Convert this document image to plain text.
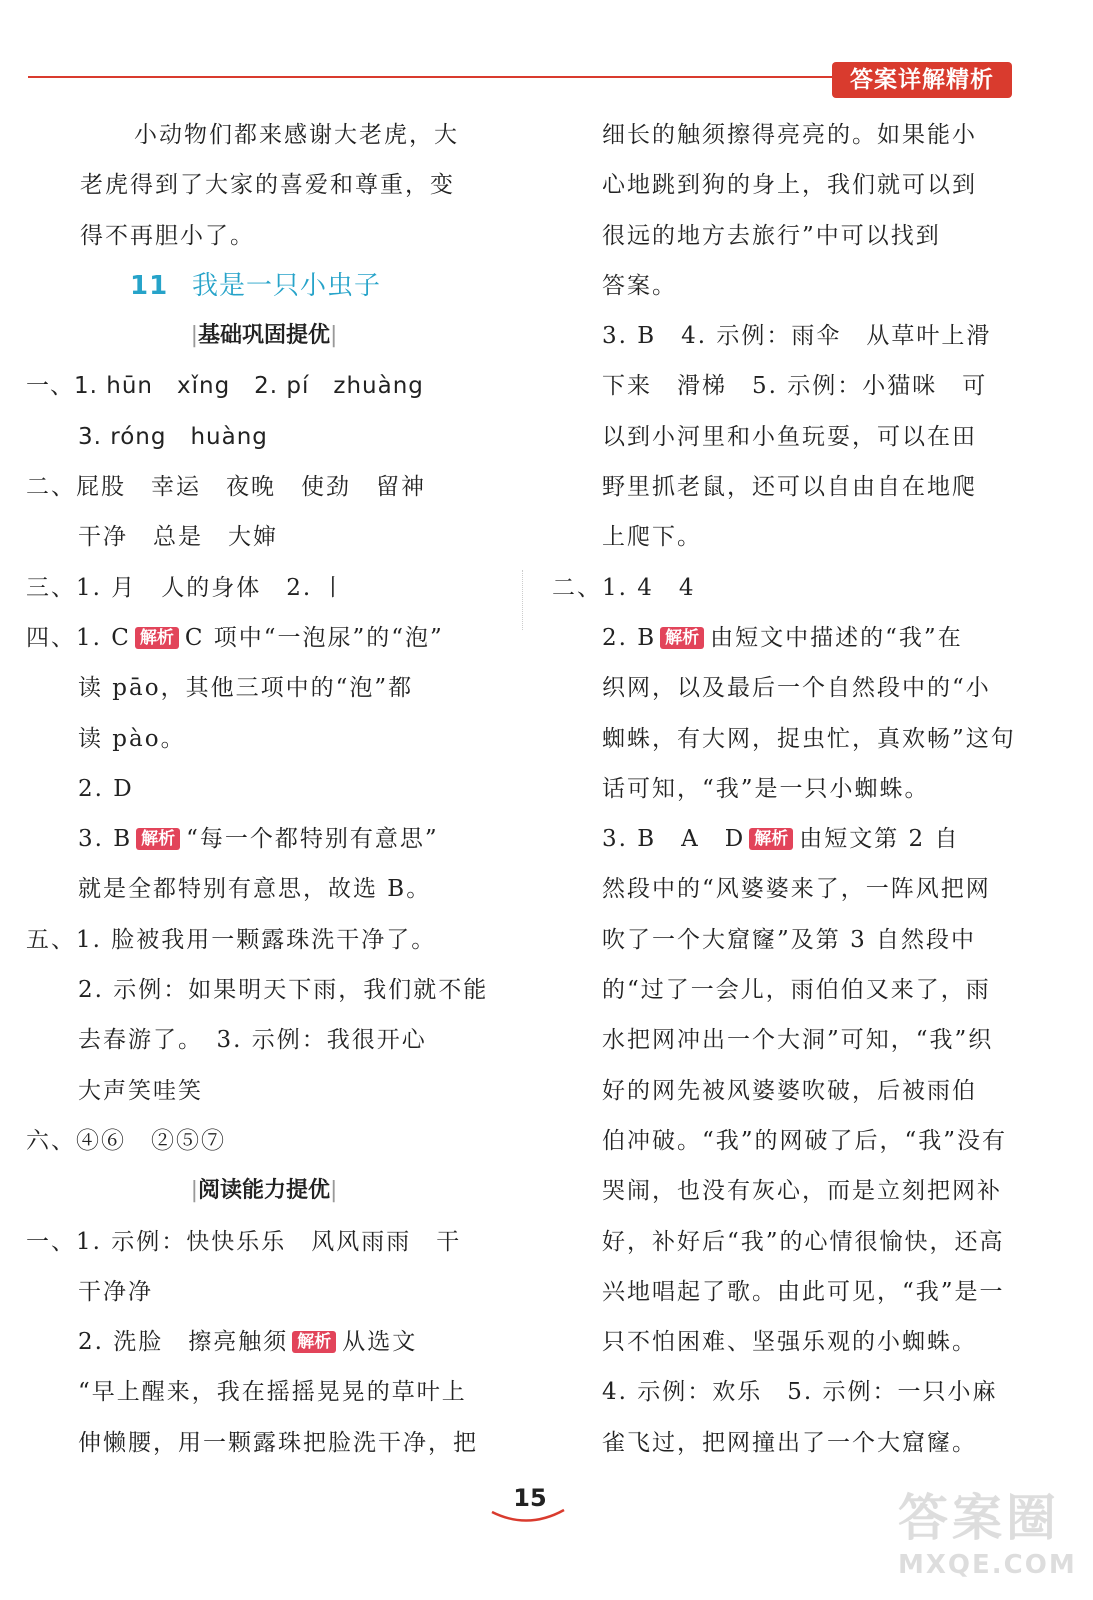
答案详解精析
小动物们都来感谢大老虎，大
老虎得到了大家的喜爱和尊重，变
得不再胆小了。
11 我是一只小虫子
|基础巩固提优|
一、1. hūn　xǐng　2. pí　zhuàng
3. róng　huàng
二、屁股　幸运　夜晚　使劲　留神
干净　总是　大婶
三、1. 月　人的身体　2. 丨
四、1. C 解析 C 项中“一泡尿”的“泡”
读 pāo，其他三项中的“泡”都
读 pào。
2. D
3. B 解析 “每一个都特别有意思”
就是全都特别有意思，故选 B。
五、1. 脸被我用一颗露珠洗干净了。
2. 示例：如果明天下雨，我们就不能
去春游了。　3. 示例：我很开心
大声笑哇笑
六、④⑥　②⑤⑦
|阅读能力提优|
一、1. 示例：快快乐乐　风风雨雨　干
干净净
2. 洗脸　擦亮触须 解析 从选文
“早上醒来，我在摇摇晃晃的草叶上
伸懒腰，用一颗露珠把脸洗干净，把
细长的触须擦得亮亮的。如果能小
心地跳到狗的身上，我们就可以到
很远的地方去旅行”中可以找到
答案。
3. B　4. 示例：雨伞　从草叶上滑
下来　滑梯　5. 示例：小猫咪　可
以到小河里和小鱼玩耍，可以在田
野里抓老鼠，还可以自由自在地爬
上爬下。
二、1. 4　4
2. B 解析 由短文中描述的“我”在
织网，以及最后一个自然段中的“小
蜘蛛，有大网，捉虫忙，真欢畅”这句
话可知，“我”是一只小蜘蛛。
3. B　A　D 解析 由短文第 2 自
然段中的“风婆婆来了，一阵风把网
吹了一个大窟窿”及第 3 自然段中
的“过了一会儿，雨伯伯又来了，雨
水把网冲出一个大洞”可知，“我”织
好的网先被风婆婆吹破，后被雨伯
伯冲破。“我”的网破了后，“我”没有
哭闹，也没有灰心，而是立刻把网补
好，补好后“我”的心情很愉快，还高
兴地唱起了歌。由此可见，“我”是一
只不怕困难、坚强乐观的小蜘蛛。
4. 示例：欢乐　5. 示例：一只小麻
雀飞过，把网撞出了一个大窟窿。
15	答案圈
MXQE.COM
